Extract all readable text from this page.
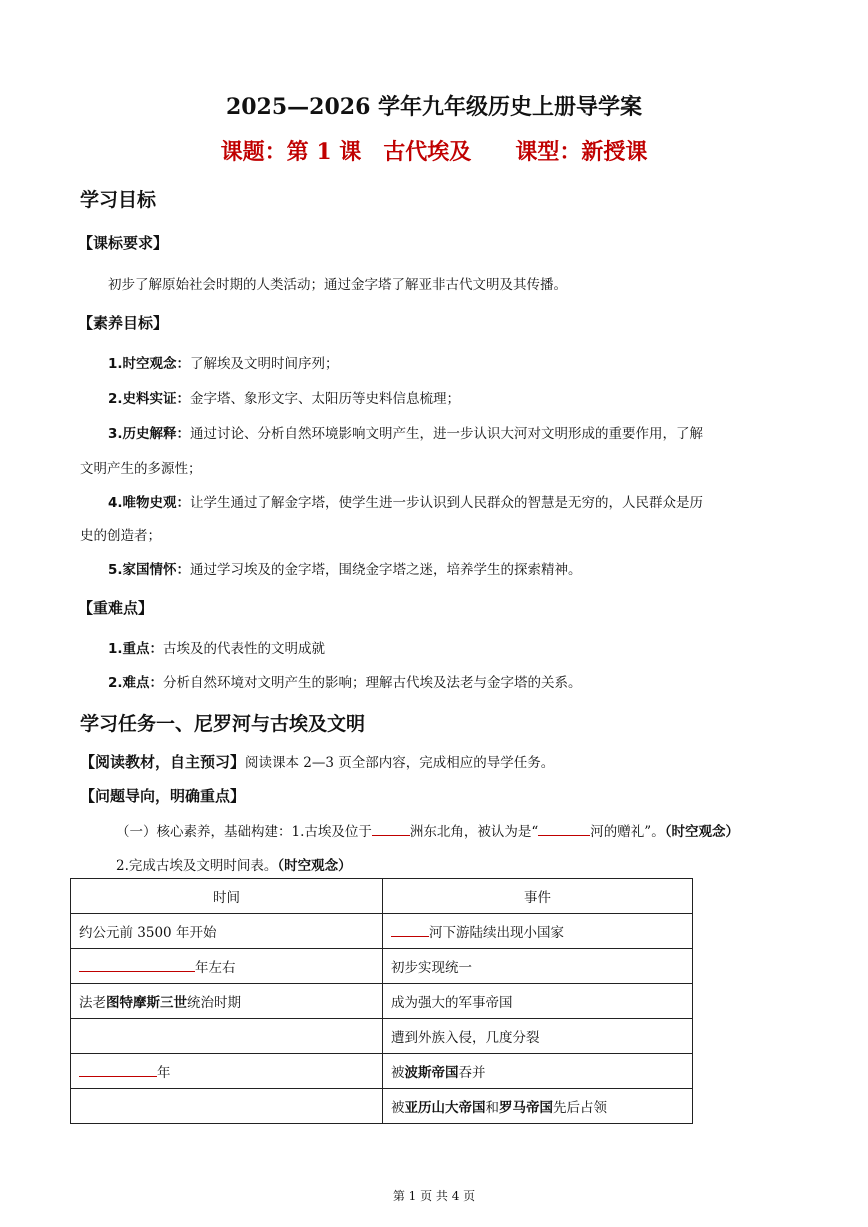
2025—2026 学年九年级历史上册导学案
课题：第 1 课　古代埃及 课型：新授课
学习目标
【课标要求】
初步了解原始社会时期的人类活动；通过金字塔了解亚非古代文明及其传播。
【素养目标】
1.时空观念：了解埃及文明时间序列；
2.史料实证：金字塔、象形文字、太阳历等史料信息梳理；
3.历史解释：通过讨论、分析自然环境影响文明产生，进一步认识大河对文明形成的重要作用，了解
文明产生的多源性；
4.唯物史观：让学生通过了解金字塔，使学生进一步认识到人民群众的智慧是无穷的，人民群众是历
史的创造者；
5.家国情怀：通过学习埃及的金字塔，围绕金字塔之迷，培养学生的探索精神。
【重难点】
1.重点：古埃及的代表性的文明成就
2.难点：分析自然环境对文明产生的影响；理解古代埃及法老与金字塔的关系。
学习任务一、尼罗河与古埃及文明
【阅读教材，自主预习】阅读课本 2—3 页全部内容，完成相应的导学任务。
【问题导向，明确重点】
（一）核心素养，基础构建：1.古埃及位于	洲东北角，被认为是“	河的赠礼”。（时空观念）
2.完成古埃及文明时间表。（时空观念）
时间	事件
约公元前 3500 年开始	河下游陆续出现小国家
年左右	初步实现统一
法老图特摩斯三世统治时期	成为强大的军事帝国
	遭到外族入侵，几度分裂
年	被波斯帝国吞并
	被亚历山大帝国和罗马帝国先后占领
第 1 页 共 4 页
